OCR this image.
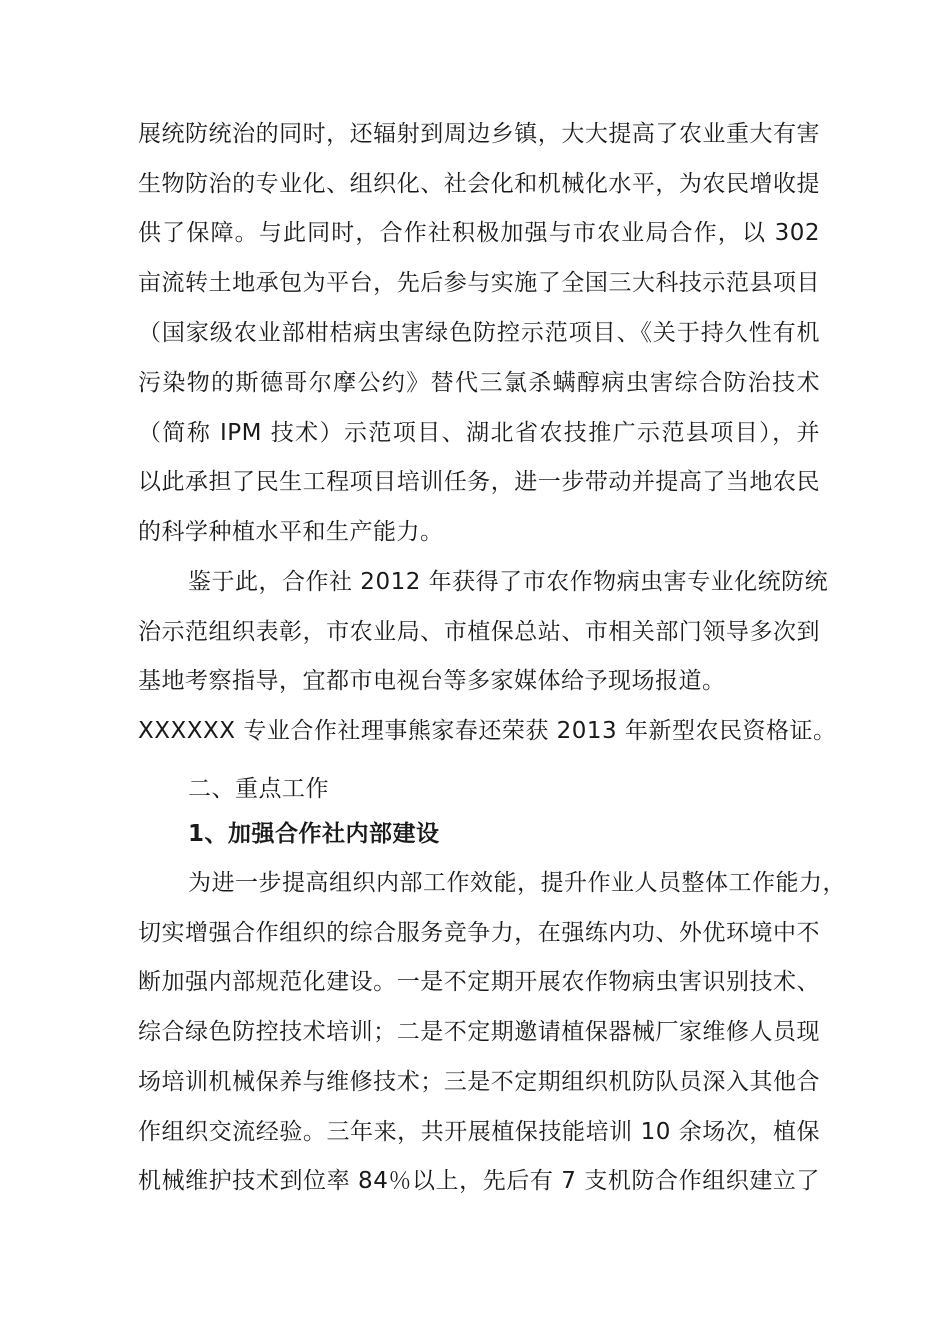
展统防统治的同时，还辐射到周边乡镇，大大提高了农业重大有害
生物防治的专业化、组织化、社会化和机械化水平，为农民增收提
供了保障。与此同时，合作社积极加强与市农业局合作，以 302
亩流转土地承包为平台，先后参与实施了全国三大科技示范县项目
（国家级农业部柑桔病虫害绿色防控示范项目、《关于持久性有机
污染物的斯德哥尔摩公约》替代三氯杀螨醇病虫害综合防治技术
（简称 IPM 技术）示范项目、湖北省农技推广示范县项目），并
以此承担了民生工程项目培训任务，进一步带动并提高了当地农民
的科学种植水平和生产能力。
鉴于此，合作社 2012 年获得了市农作物病虫害专业化统防统
治示范组织表彰，市农业局、市植保总站、市相关部门领导多次到
基地考察指导，宜都市电视台等多家媒体给予现场报道。
XXXXXX 专业合作社理事熊家春还荣获 2013 年新型农民资格证。
二、重点工作
1、加强合作社内部建设
为进一步提高组织内部工作效能，提升作业人员整体工作能力，
切实增强合作组织的综合服务竞争力，在强练内功、外优环境中不
断加强内部规范化建设。一是不定期开展农作物病虫害识别技术、
综合绿色防控技术培训；二是不定期邀请植保器械厂家维修人员现
场培训机械保养与维修技术；三是不定期组织机防队员深入其他合
作组织交流经验。三年来，共开展植保技能培训 10 余场次，植保
机械维护技术到位率 84％以上，先后有 7 支机防合作组织建立了
